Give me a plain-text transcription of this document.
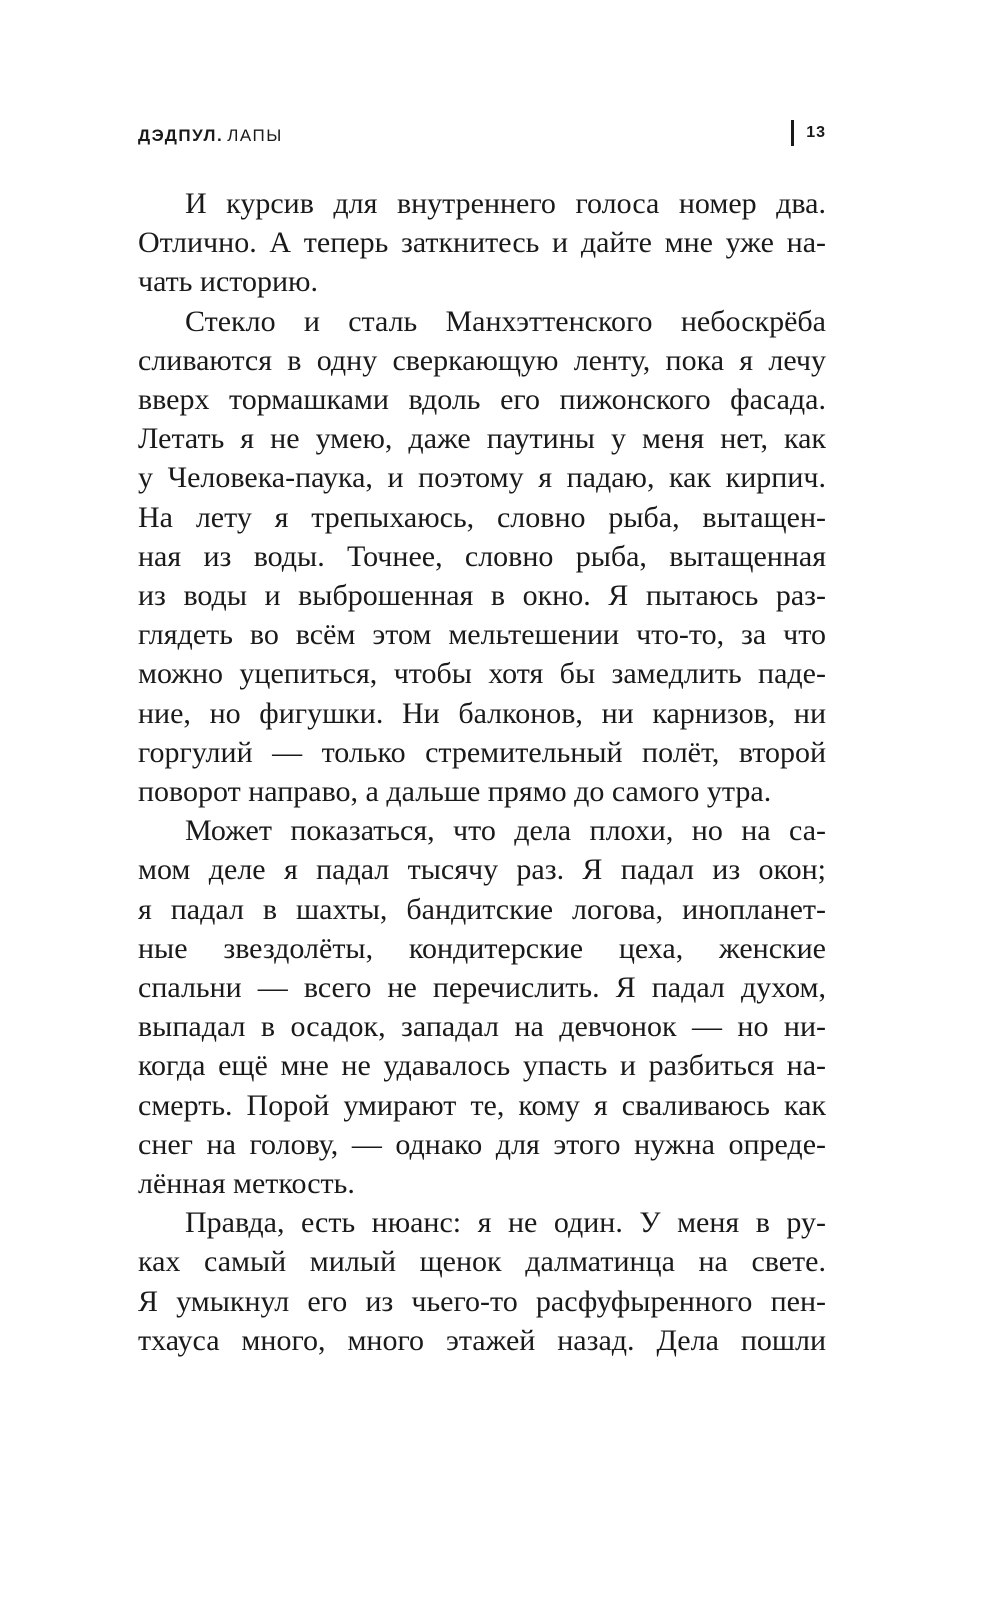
ДЭДПУЛ. ЛАПЫ	13
И курсив для внутреннего голоса номер два.
Отлично. А теперь заткнитесь и дайте мне уже на-
чать историю.
Стекло и сталь Манхэттенского небоскрёба
сливаются в одну сверкающую ленту, пока я лечу
вверх тормашками вдоль его пижонского фасада.
Летать я не умею, даже паутины у меня нет, как
у Человека-паука, и поэтому я падаю, как кирпич.
На лету я трепыхаюсь, словно рыба, вытащен-
ная из воды. Точнее, словно рыба, вытащенная
из воды и выброшенная в окно. Я пытаюсь раз-
глядеть во всём этом мельтешении что-то, за что
можно уцепиться, чтобы хотя бы замедлить паде-
ние, но фигушки. Ни балконов, ни карнизов, ни
горгулий — только стремительный полёт, второй
поворот направо, а дальше прямо до самого утра.
Может показаться, что дела плохи, но на са-
мом деле я падал тысячу раз. Я падал из окон;
я падал в шахты, бандитские логова, инопланет-
ные звездолёты, кондитерские цеха, женские
спальни — всего не перечислить. Я падал духом,
выпадал в осадок, западал на девчонок — но ни-
когда ещё мне не удавалось упасть и разбиться на-
смерть. Порой умирают те, кому я сваливаюсь как
снег на голову, — однако для этого нужна опреде-
лённая меткость.
Правда, есть нюанс: я не один. У меня в ру-
ках самый милый щенок далматинца на свете.
Я умыкнул его из чьего-то расфуфыренного пен-
тхауса много, много этажей назад. Дела пошли
